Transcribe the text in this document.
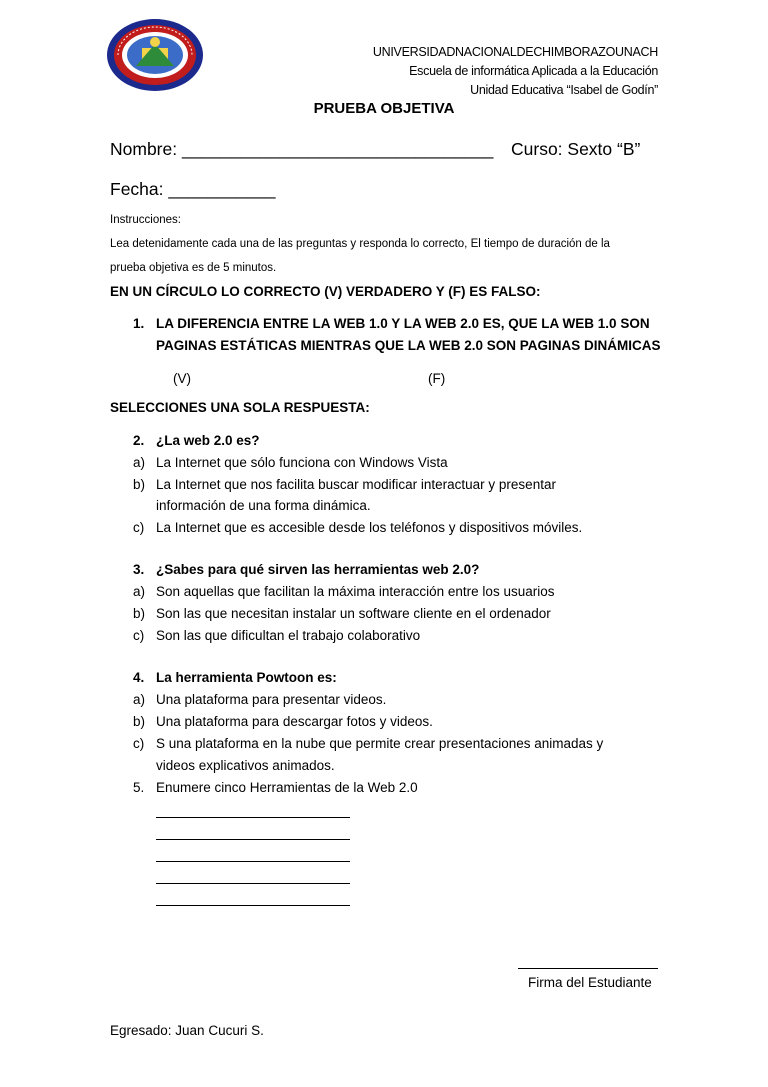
UNIVERSIDADNACIONALDECHIMBORAZOUNACH
Escuela de informática Aplicada a la Educación
Unidad Educativa “Isabel de Godín”
PRUEBA OBJETIVA
Nombre: ________________________________ Curso: Sexto “B”
Fecha: ___________
Instrucciones:
Lea detenidamente cada una de las preguntas y responda lo correcto, El tiempo de duración de la
prueba objetiva es de 5 minutos.
EN UN CÍRCULO LO CORRECTO (V) VERDADERO Y (F) ES FALSO:
1. LA DIFERENCIA ENTRE LA WEB 1.0 Y LA WEB 2.0 ES, QUE LA WEB 1.0 SON
PAGINAS ESTÁTICAS MIENTRAS QUE LA WEB 2.0 SON PAGINAS DINÁMICAS
(V)	(F)
SELECCIONES UNA SOLA RESPUESTA:
2. ¿La web 2.0 es?
a) La Internet que sólo funciona con Windows Vista
b) La Internet que nos facilita buscar modificar interactuar y presentar
información de una forma dinámica.
c) La Internet que es accesible desde los teléfonos y dispositivos móviles.
3. ¿Sabes para qué sirven las herramientas web 2.0?
a) Son aquellas que facilitan la máxima interacción entre los usuarios
b) Son las que necesitan instalar un software cliente en el ordenador
c) Son las que dificultan el trabajo colaborativo
4. La herramienta Powtoon es:
a) Una plataforma para presentar videos.
b) Una plataforma para descargar fotos y videos.
c) S una plataforma en la nube que permite crear presentaciones animadas y
videos explicativos animados.
5. Enumere cinco Herramientas de la Web 2.0
Firma del Estudiante
Egresado: Juan Cucuri S.
